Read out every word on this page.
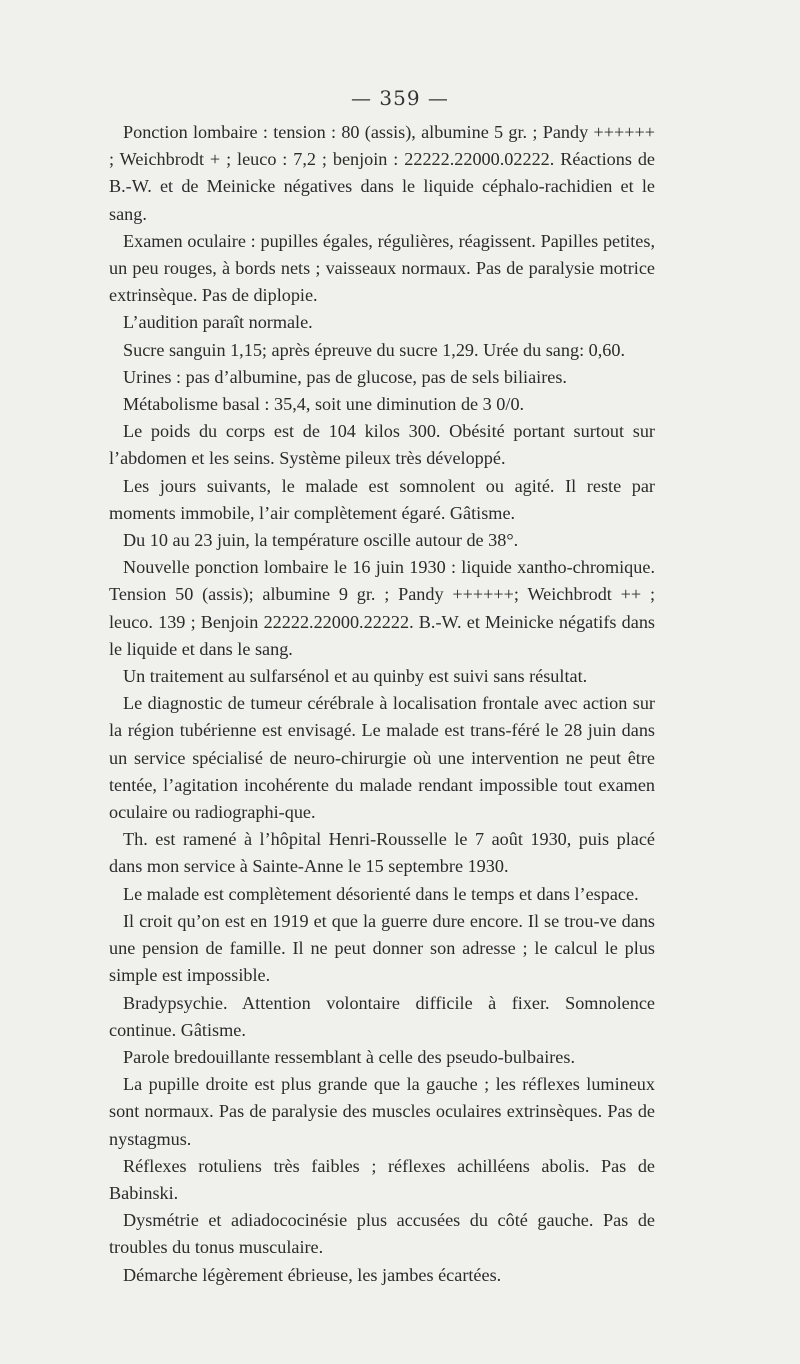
— 359 —

Ponction lombaire : tension : 80 (assis), albumine 5 gr. ; Pandy ++++++ ; Weichbrodt + ; leuco : 7,2 ; benjoin : 22222.22000.02222. Réactions de B.-W. et de Meinicke négatives dans le liquide céphalo-rachidien et le sang.

Examen oculaire : pupilles égales, régulières, réagissent. Papilles petites, un peu rouges, à bords nets ; vaisseaux normaux. Pas de paralysie motrice extrinsèque. Pas de diplopie.

L’audition paraît normale.

Sucre sanguin 1,15; après épreuve du sucre 1,29. Urée du sang: 0,60.

Urines : pas d’albumine, pas de glucose, pas de sels biliaires.

Métabolisme basal : 35,4, soit une diminution de 3 0/0.

Le poids du corps est de 104 kilos 300. Obésité portant surtout sur l’abdomen et les seins. Système pileux très développé.

Les jours suivants, le malade est somnolent ou agité. Il reste par moments immobile, l’air complètement égaré. Gâtisme.

Du 10 au 23 juin, la température oscille autour de 38°.

Nouvelle ponction lombaire le 16 juin 1930 : liquide xantho-chromique. Tension 50 (assis); albumine 9 gr. ; Pandy ++++++; Weichbrodt ++ ; leuco. 139 ; Benjoin 22222.22000.22222. B.-W. et Meinicke négatifs dans le liquide et dans le sang.

Un traitement au sulfarsénol et au quinby est suivi sans résultat.

Le diagnostic de tumeur cérébrale à localisation frontale avec action sur la région tubérienne est envisagé. Le malade est trans-féré le 28 juin dans un service spécialisé de neuro-chirurgie où une intervention ne peut être tentée, l’agitation incohérente du malade rendant impossible tout examen oculaire ou radiographi-que.

Th. est ramené à l’hôpital Henri-Rousselle le 7 août 1930, puis placé dans mon service à Sainte-Anne le 15 septembre 1930.

Le malade est complètement désorienté dans le temps et dans l’espace.

Il croit qu’on est en 1919 et que la guerre dure encore. Il se trou-ve dans une pension de famille. Il ne peut donner son adresse ; le calcul le plus simple est impossible.

Bradypsychie. Attention volontaire difficile à fixer. Somnolence continue. Gâtisme.

Parole bredouillante ressemblant à celle des pseudo-bulbaires.

La pupille droite est plus grande que la gauche ; les réflexes lumineux sont normaux. Pas de paralysie des muscles oculaires extrinsèques. Pas de nystagmus.

Réflexes rotuliens très faibles ; réflexes achilléens abolis. Pas de Babinski.

Dysmétrie et adiadococinésie plus accusées du côté gauche. Pas de troubles du tonus musculaire.

Démarche légèrement ébrieuse, les jambes écartées.
